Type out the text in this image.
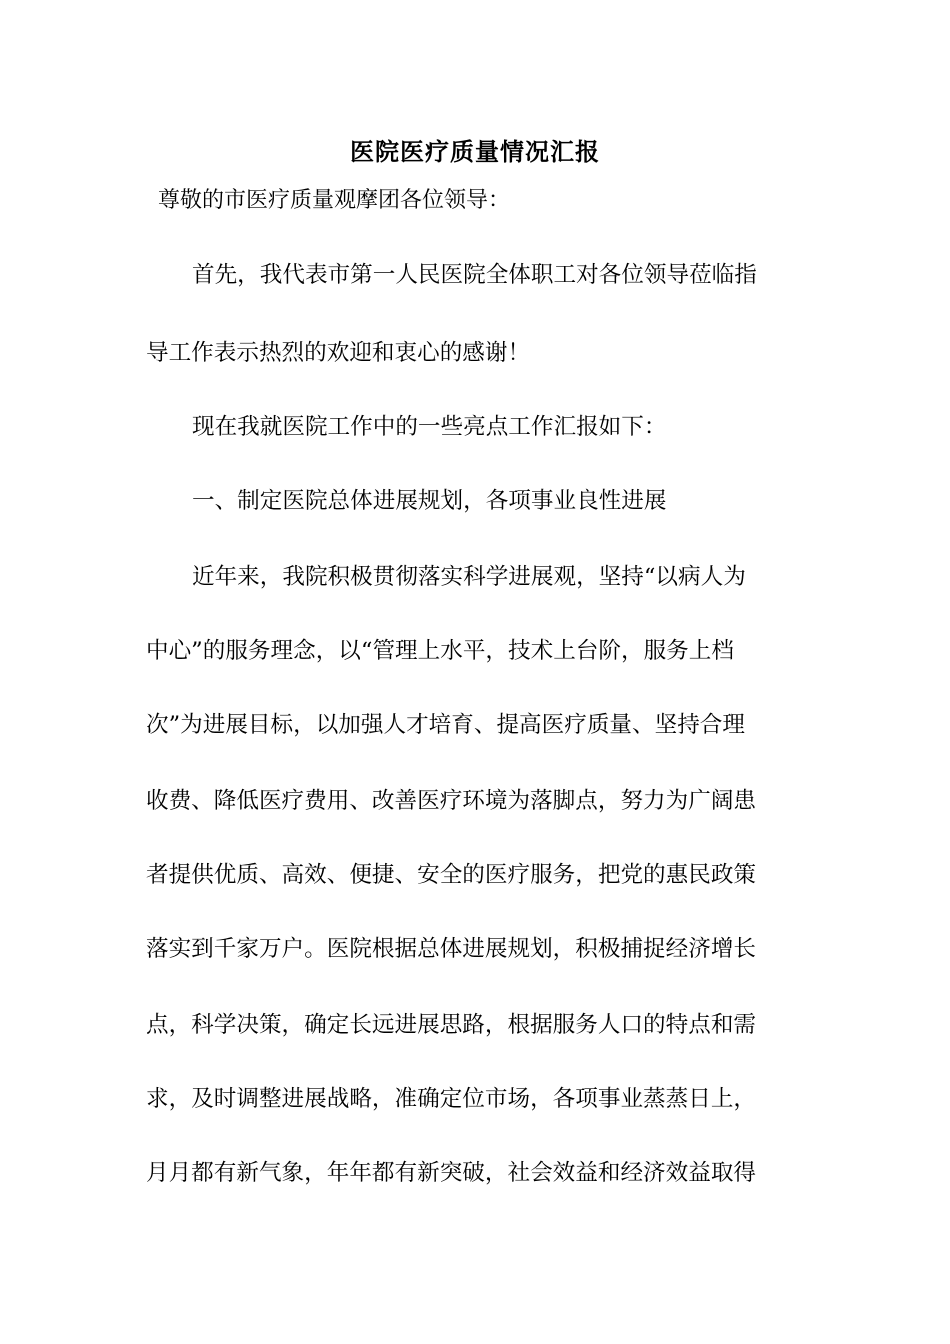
医院医疗质量情况汇报
尊敬的市医疗质量观摩团各位领导：
首先，我代表市第一人民医院全体职工对各位领导莅临指
导工作表示热烈的欢迎和衷心的感谢！
现在我就医院工作中的一些亮点工作汇报如下：
一、制定医院总体进展规划，各项事业良性进展
近年来，我院积极贯彻落实科学进展观，坚持“以病人为
中心”的服务理念，以“管理上水平，技术上台阶，服务上档
次”为进展目标，以加强人才培育、提高医疗质量、坚持合理
收费、降低医疗费用、改善医疗环境为落脚点，努力为广阔患
者提供优质、高效、便捷、安全的医疗服务，把党的惠民政策
落实到千家万户。医院根据总体进展规划，积极捕捉经济增长
点，科学决策，确定长远进展思路，根据服务人口的特点和需
求，及时调整进展战略，准确定位市场，各项事业蒸蒸日上，
月月都有新气象，年年都有新突破，社会效益和经济效益取得
